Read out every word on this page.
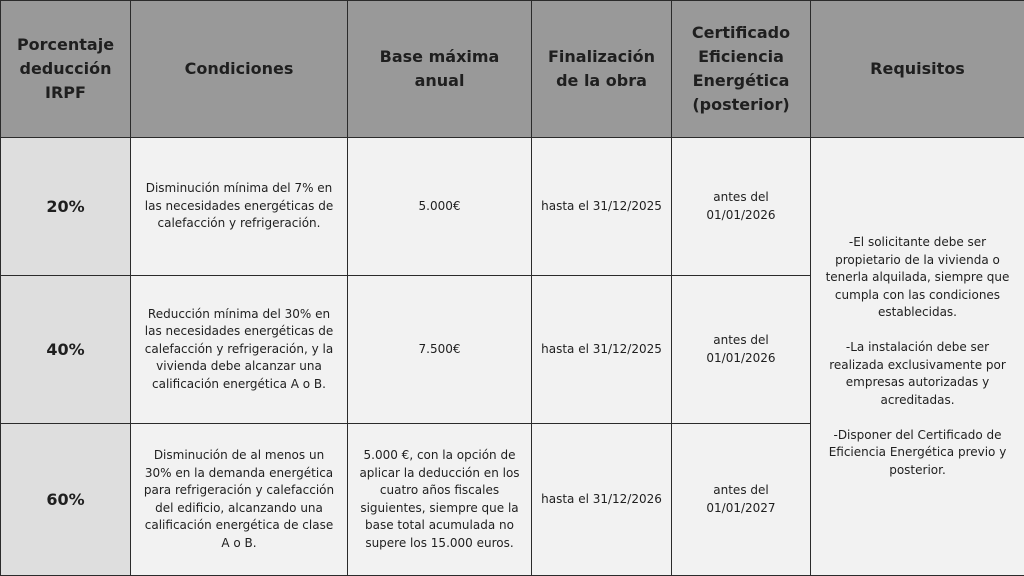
Porcentaje deducción IRPF	Condiciones	Base máxima anual	Finalización de la obra	Certificado Eficiencia Energética (posterior)	Requisitos
20%	Disminución mínima del 7% en las necesidades energéticas de calefacción y refrigeración.	5.000€	hasta el 31/12/2025	antes del 01/01/2026	-El solicitante debe ser propietario de la vivienda o tenerla alquilada, siempre que cumpla con las condiciones establecidas.
-La instalación debe ser realizada exclusivamente por empresas autorizadas y acreditadas.
-Disponer del Certificado de Eficiencia Energética previo y posterior.

40%	Reducción mínima del 30% en las necesidades energéticas de calefacción y refrigeración, y la vivienda debe alcanzar una calificación energética A o B.	7.500€	hasta el 31/12/2025	antes del 01/01/2026	
60%	Disminución de al menos un 30% en la demanda energética para refrigeración y calefacción del edificio, alcanzando una calificación energética de clase A o B.	5.000 €, con la opción de aplicar la deducción en los cuatro años fiscales siguientes, siempre que la base total acumulada no supere los 15.000 euros.	hasta el 31/12/2026	antes del 01/01/2027	
